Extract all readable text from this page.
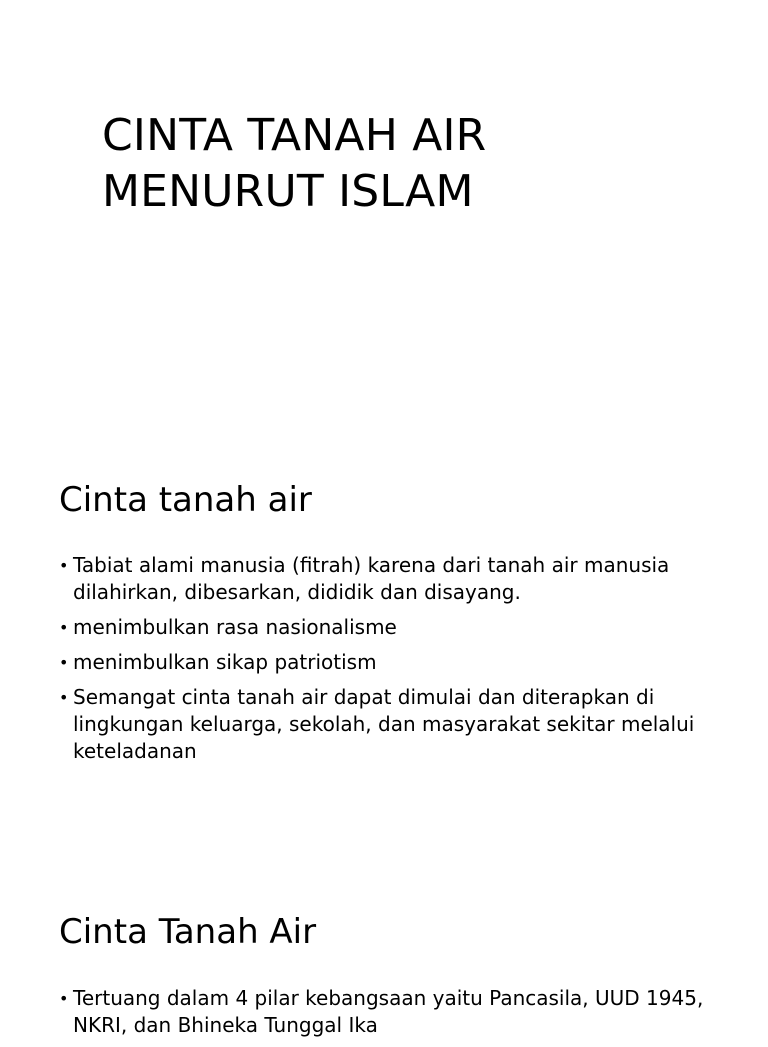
CINTA TANAH AIR
MENURUT ISLAM
Cinta tanah air
• Tabiat alami manusia (fitrah) karena dari tanah air manusia dilahirkan, dibesarkan, dididik dan disayang.
• menimbulkan rasa nasionalisme
• menimbulkan sikap patriotism
• Semangat cinta tanah air dapat dimulai dan diterapkan di lingkungan keluarga, sekolah, dan masyarakat sekitar melalui keteladanan
Cinta Tanah Air
• Tertuang dalam 4 pilar kebangsaan yaitu Pancasila, UUD 1945, NKRI, dan Bhineka Tunggal Ika
